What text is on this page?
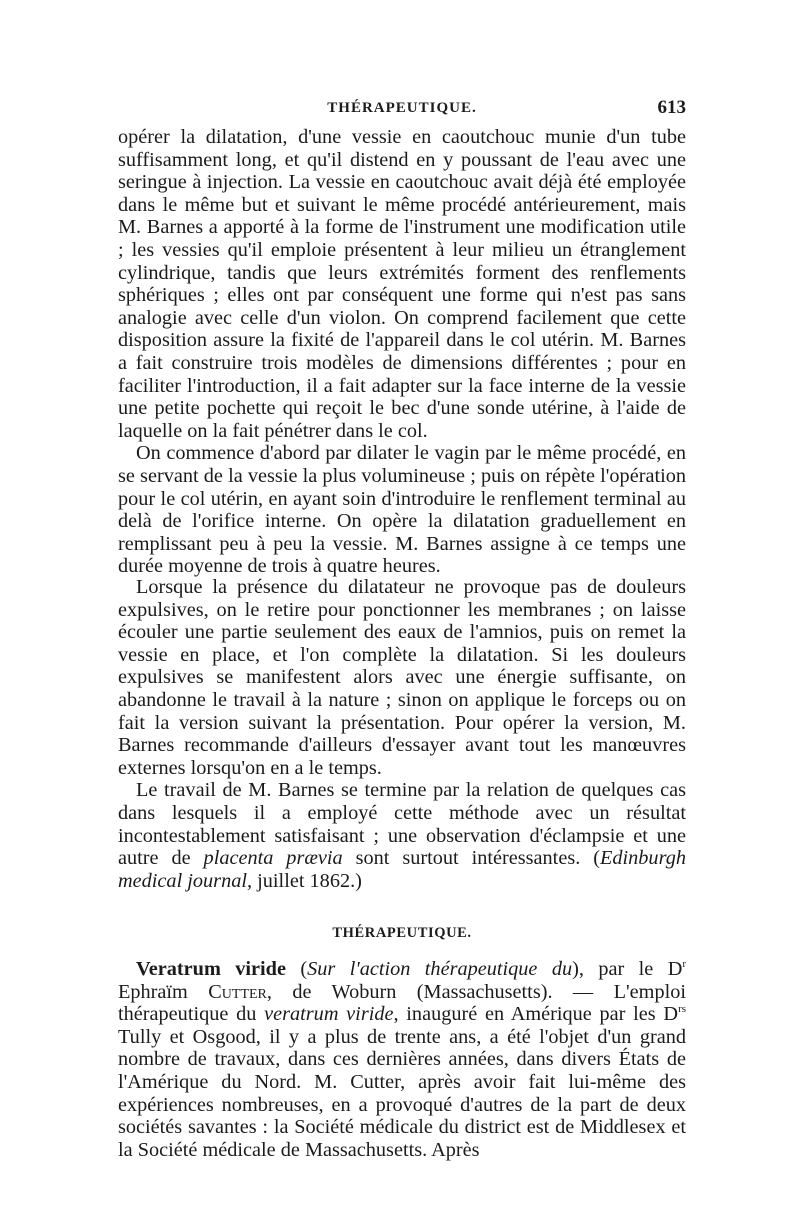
THÉRAPEUTIQUE.	613

opérer la dilatation, d'une vessie en caoutchouc munie d'un tube suffisamment long, et qu'il distend en y poussant de l'eau avec une seringue à injection. La vessie en caoutchouc avait déjà été employée dans le même but et suivant le même procédé antérieurement, mais M. Barnes a apporté à la forme de l'instrument une modification utile ; les vessies qu'il emploie présentent à leur milieu un étranglement cylindrique, tandis que leurs extrémités forment des renflements sphériques ; elles ont par conséquent une forme qui n'est pas sans analogie avec celle d'un violon. On comprend facilement que cette disposition assure la fixité de l'appareil dans le col utérin. M. Barnes a fait construire trois modèles de dimensions différentes ; pour en faciliter l'introduction, il a fait adapter sur la face interne de la vessie une petite pochette qui reçoit le bec d'une sonde utérine, à l'aide de laquelle on la fait pénétrer dans le col.

On commence d'abord par dilater le vagin par le même procédé, en se servant de la vessie la plus volumineuse ; puis on répète l'opération pour le col utérin, en ayant soin d'introduire le renflement terminal au delà de l'orifice interne. On opère la dilatation graduellement en remplissant peu à peu la vessie. M. Barnes assigne à ce temps une durée moyenne de trois à quatre heures.

Lorsque la présence du dilatateur ne provoque pas de douleurs expulsives, on le retire pour ponctionner les membranes ; on laisse écouler une partie seulement des eaux de l'amnios, puis on remet la vessie en place, et l'on complète la dilatation. Si les douleurs expulsives se manifestent alors avec une énergie suffisante, on abandonne le travail à la nature ; sinon on applique le forceps ou on fait la version suivant la présentation. Pour opérer la version, M. Barnes recommande d'ailleurs d'essayer avant tout les manœuvres externes lorsqu'on en a le temps.

Le travail de M. Barnes se termine par la relation de quelques cas dans lesquels il a employé cette méthode avec un résultat incontestablement satisfaisant ; une observation d'éclampsie et une autre de placenta prævia sont surtout intéressantes. (Edinburgh medical journal, juillet 1862.)

THÉRAPEUTIQUE.

Veratrum viride (Sur l'action thérapeutique du), par le $D^r$ Ephraïm Cutter, de Woburn (Massachusetts). — L'emploi thérapeutique du veratrum viride, inauguré en Amérique par les $D^{rs}$ Tully et Osgood, il y a plus de trente ans, a été l'objet d'un grand nombre de travaux, dans ces dernières années, dans divers États de l'Amérique du Nord. M. Cutter, après avoir fait lui-même des expériences nombreuses, en a provoqué d'autres de la part de deux sociétés savantes : la Société médicale du district est de Middlesex et la Société médicale de Massachusetts. Après
